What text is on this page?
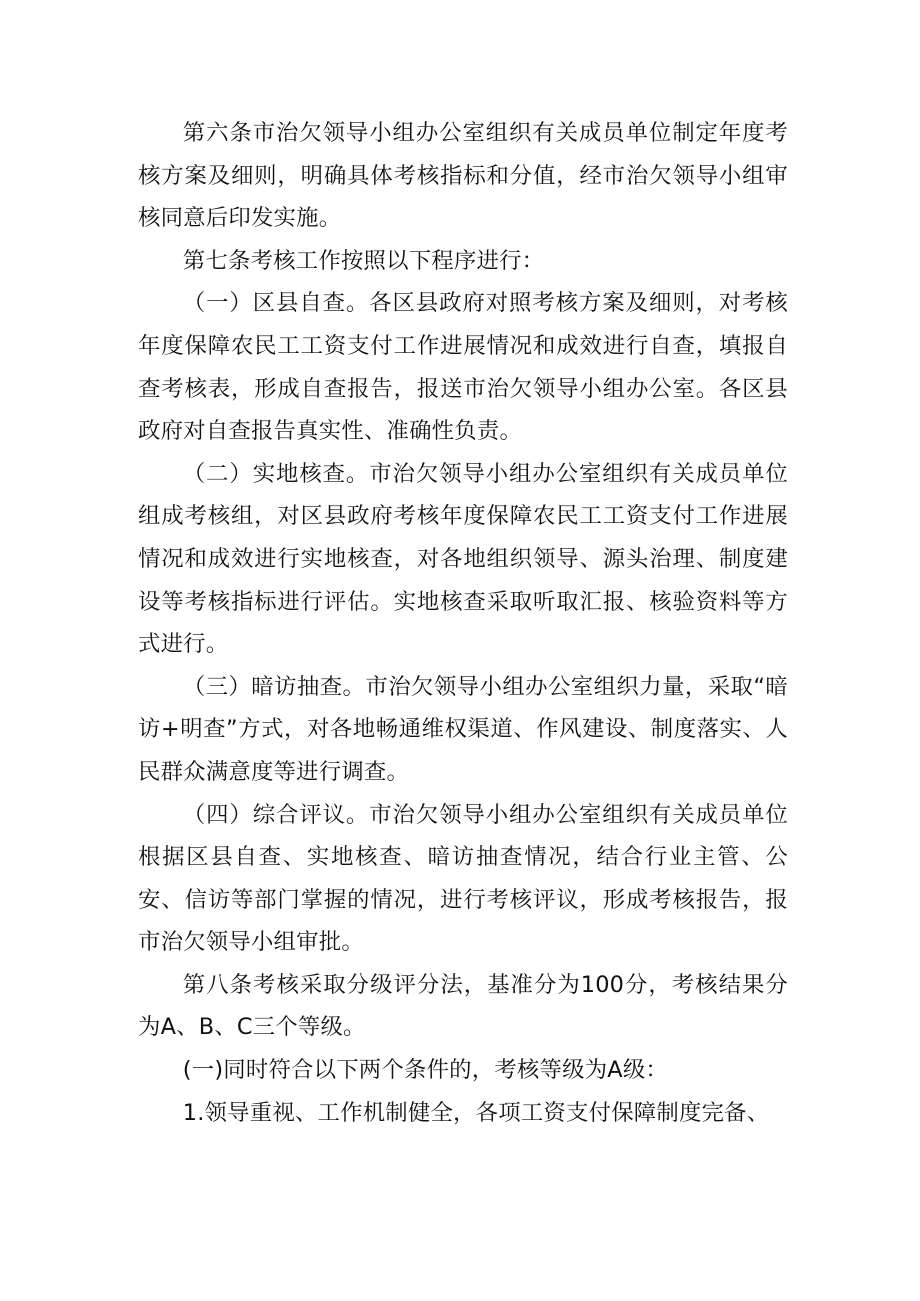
第六条市治欠领导小组办公室组织有关成员单位制定年度考核方案及细则，明确具体考核指标和分值，经市治欠领导小组审核同意后印发实施。

第七条考核工作按照以下程序进行：

（一）区县自查。各区县政府对照考核方案及细则，对考核年度保障农民工工资支付工作进展情况和成效进行自查，填报自查考核表，形成自查报告，报送市治欠领导小组办公室。各区县政府对自查报告真实性、准确性负责。

（二）实地核查。市治欠领导小组办公室组织有关成员单位组成考核组，对区县政府考核年度保障农民工工资支付工作进展情况和成效进行实地核查，对各地组织领导、源头治理、制度建设等考核指标进行评估。实地核查采取听取汇报、核验资料等方式进行。

（三）暗访抽查。市治欠领导小组办公室组织力量，采取“暗访+明查”方式，对各地畅通维权渠道、作风建设、制度落实、人民群众满意度等进行调查。

（四）综合评议。市治欠领导小组办公室组织有关成员单位根据区县自查、实地核查、暗访抽查情况，结合行业主管、公安、信访等部门掌握的情况，进行考核评议，形成考核报告，报市治欠领导小组审批。

第八条考核采取分级评分法，基准分为100分，考核结果分为A、B、C三个等级。

(一)同时符合以下两个条件的，考核等级为A级：

1.领导重视、工作机制健全，各项工资支付保障制度完备、
